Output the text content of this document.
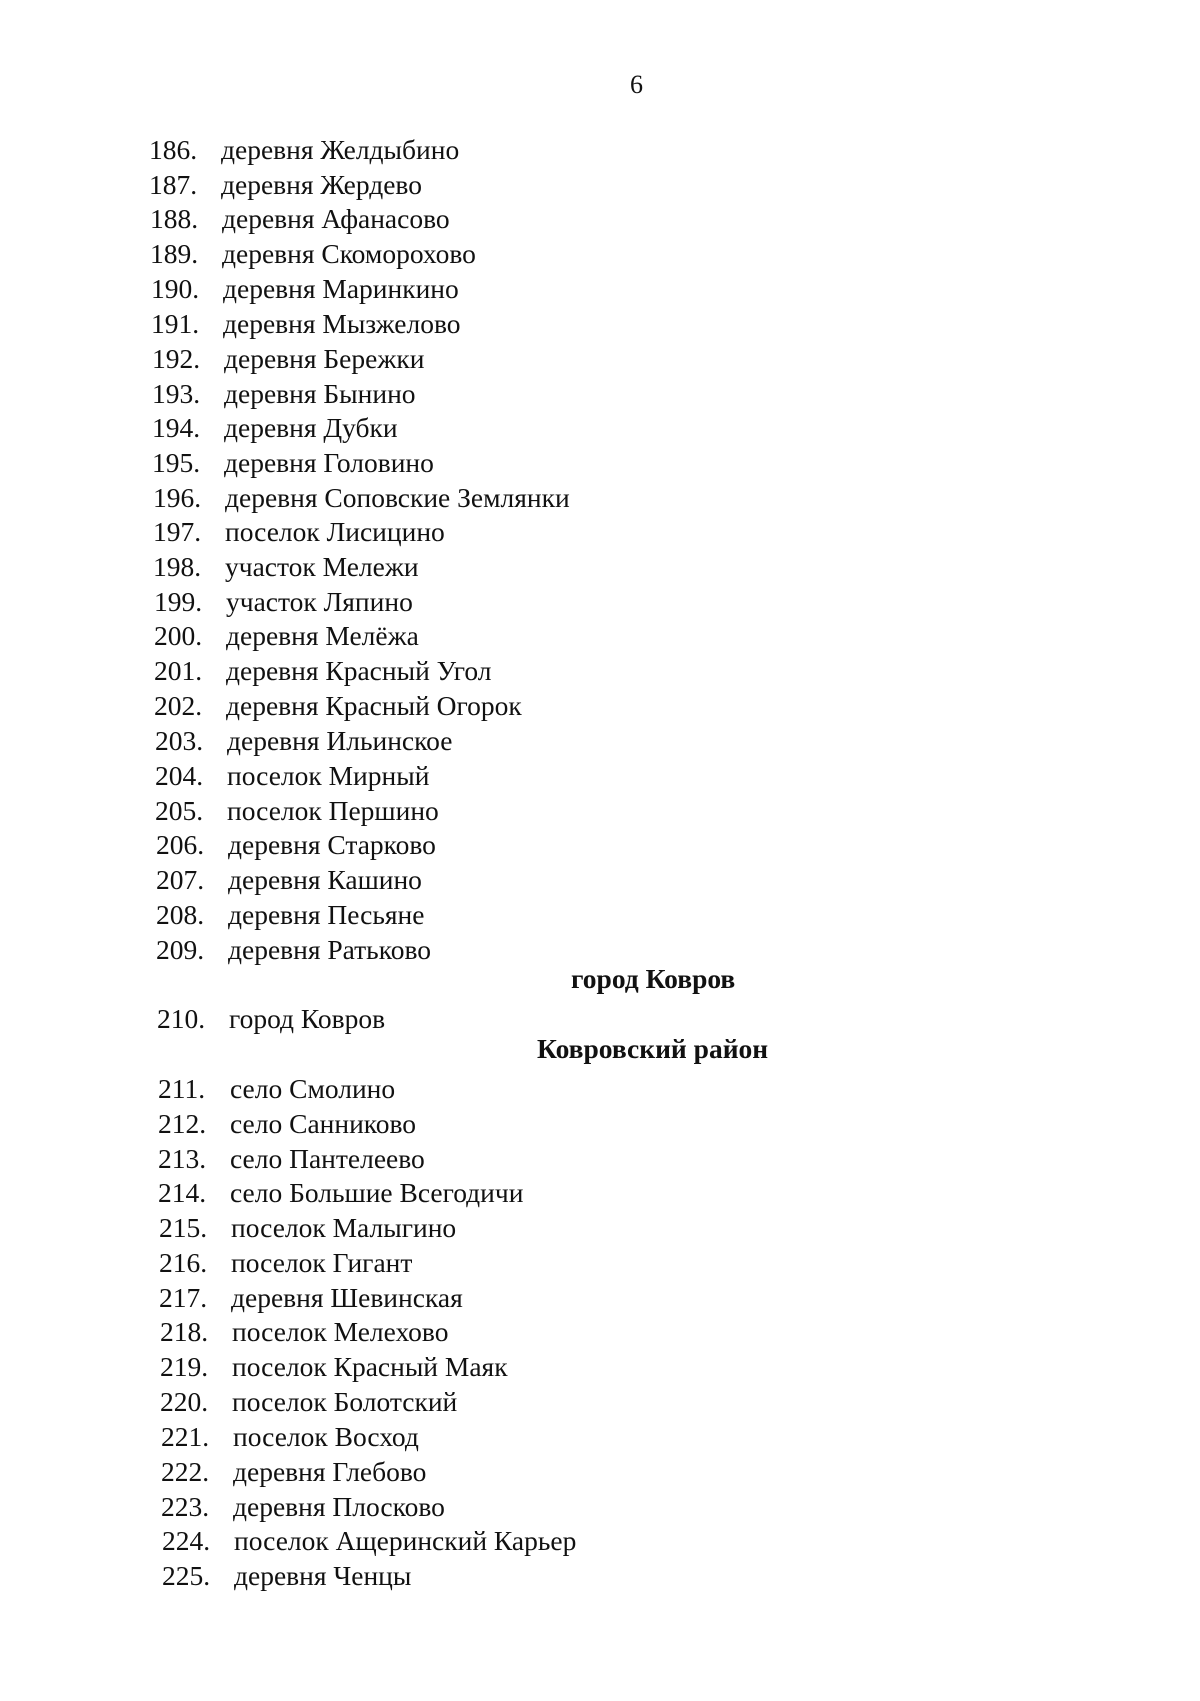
6
186. деревня Желдыбино
187. деревня Жердево
188. деревня Афанасово
189. деревня Скоморохово
190. деревня Маринкино
191. деревня Мызжелово
192. деревня Бережки
193. деревня Бынино
194. деревня Дубки
195. деревня Головино
196. деревня Соповские Землянки
197. поселок Лисицино
198. участок Мележи
199. участок Ляпино
200. деревня Мелёжа
201. деревня Красный Угол
202. деревня Красный Огорок
203. деревня Ильинское
204. поселок Мирный
205. поселок Першино
206. деревня Старково
207. деревня Кашино
208. деревня Песьяне
209. деревня Ратьково
город Ковров
210. город Ковров
Ковровский район
211. село Смолино
212. село Санниково
213. село Пантелеево
214. село Большие Всегодичи
215. поселок Малыгино
216. поселок Гигант
217. деревня Шевинская
218. поселок Мелехово
219. поселок Красный Маяк
220. поселок Болотский
221. поселок Восход
222. деревня Глебово
223. деревня Плосково
224. поселок Ащеринский Карьер
225. деревня Ченцы
